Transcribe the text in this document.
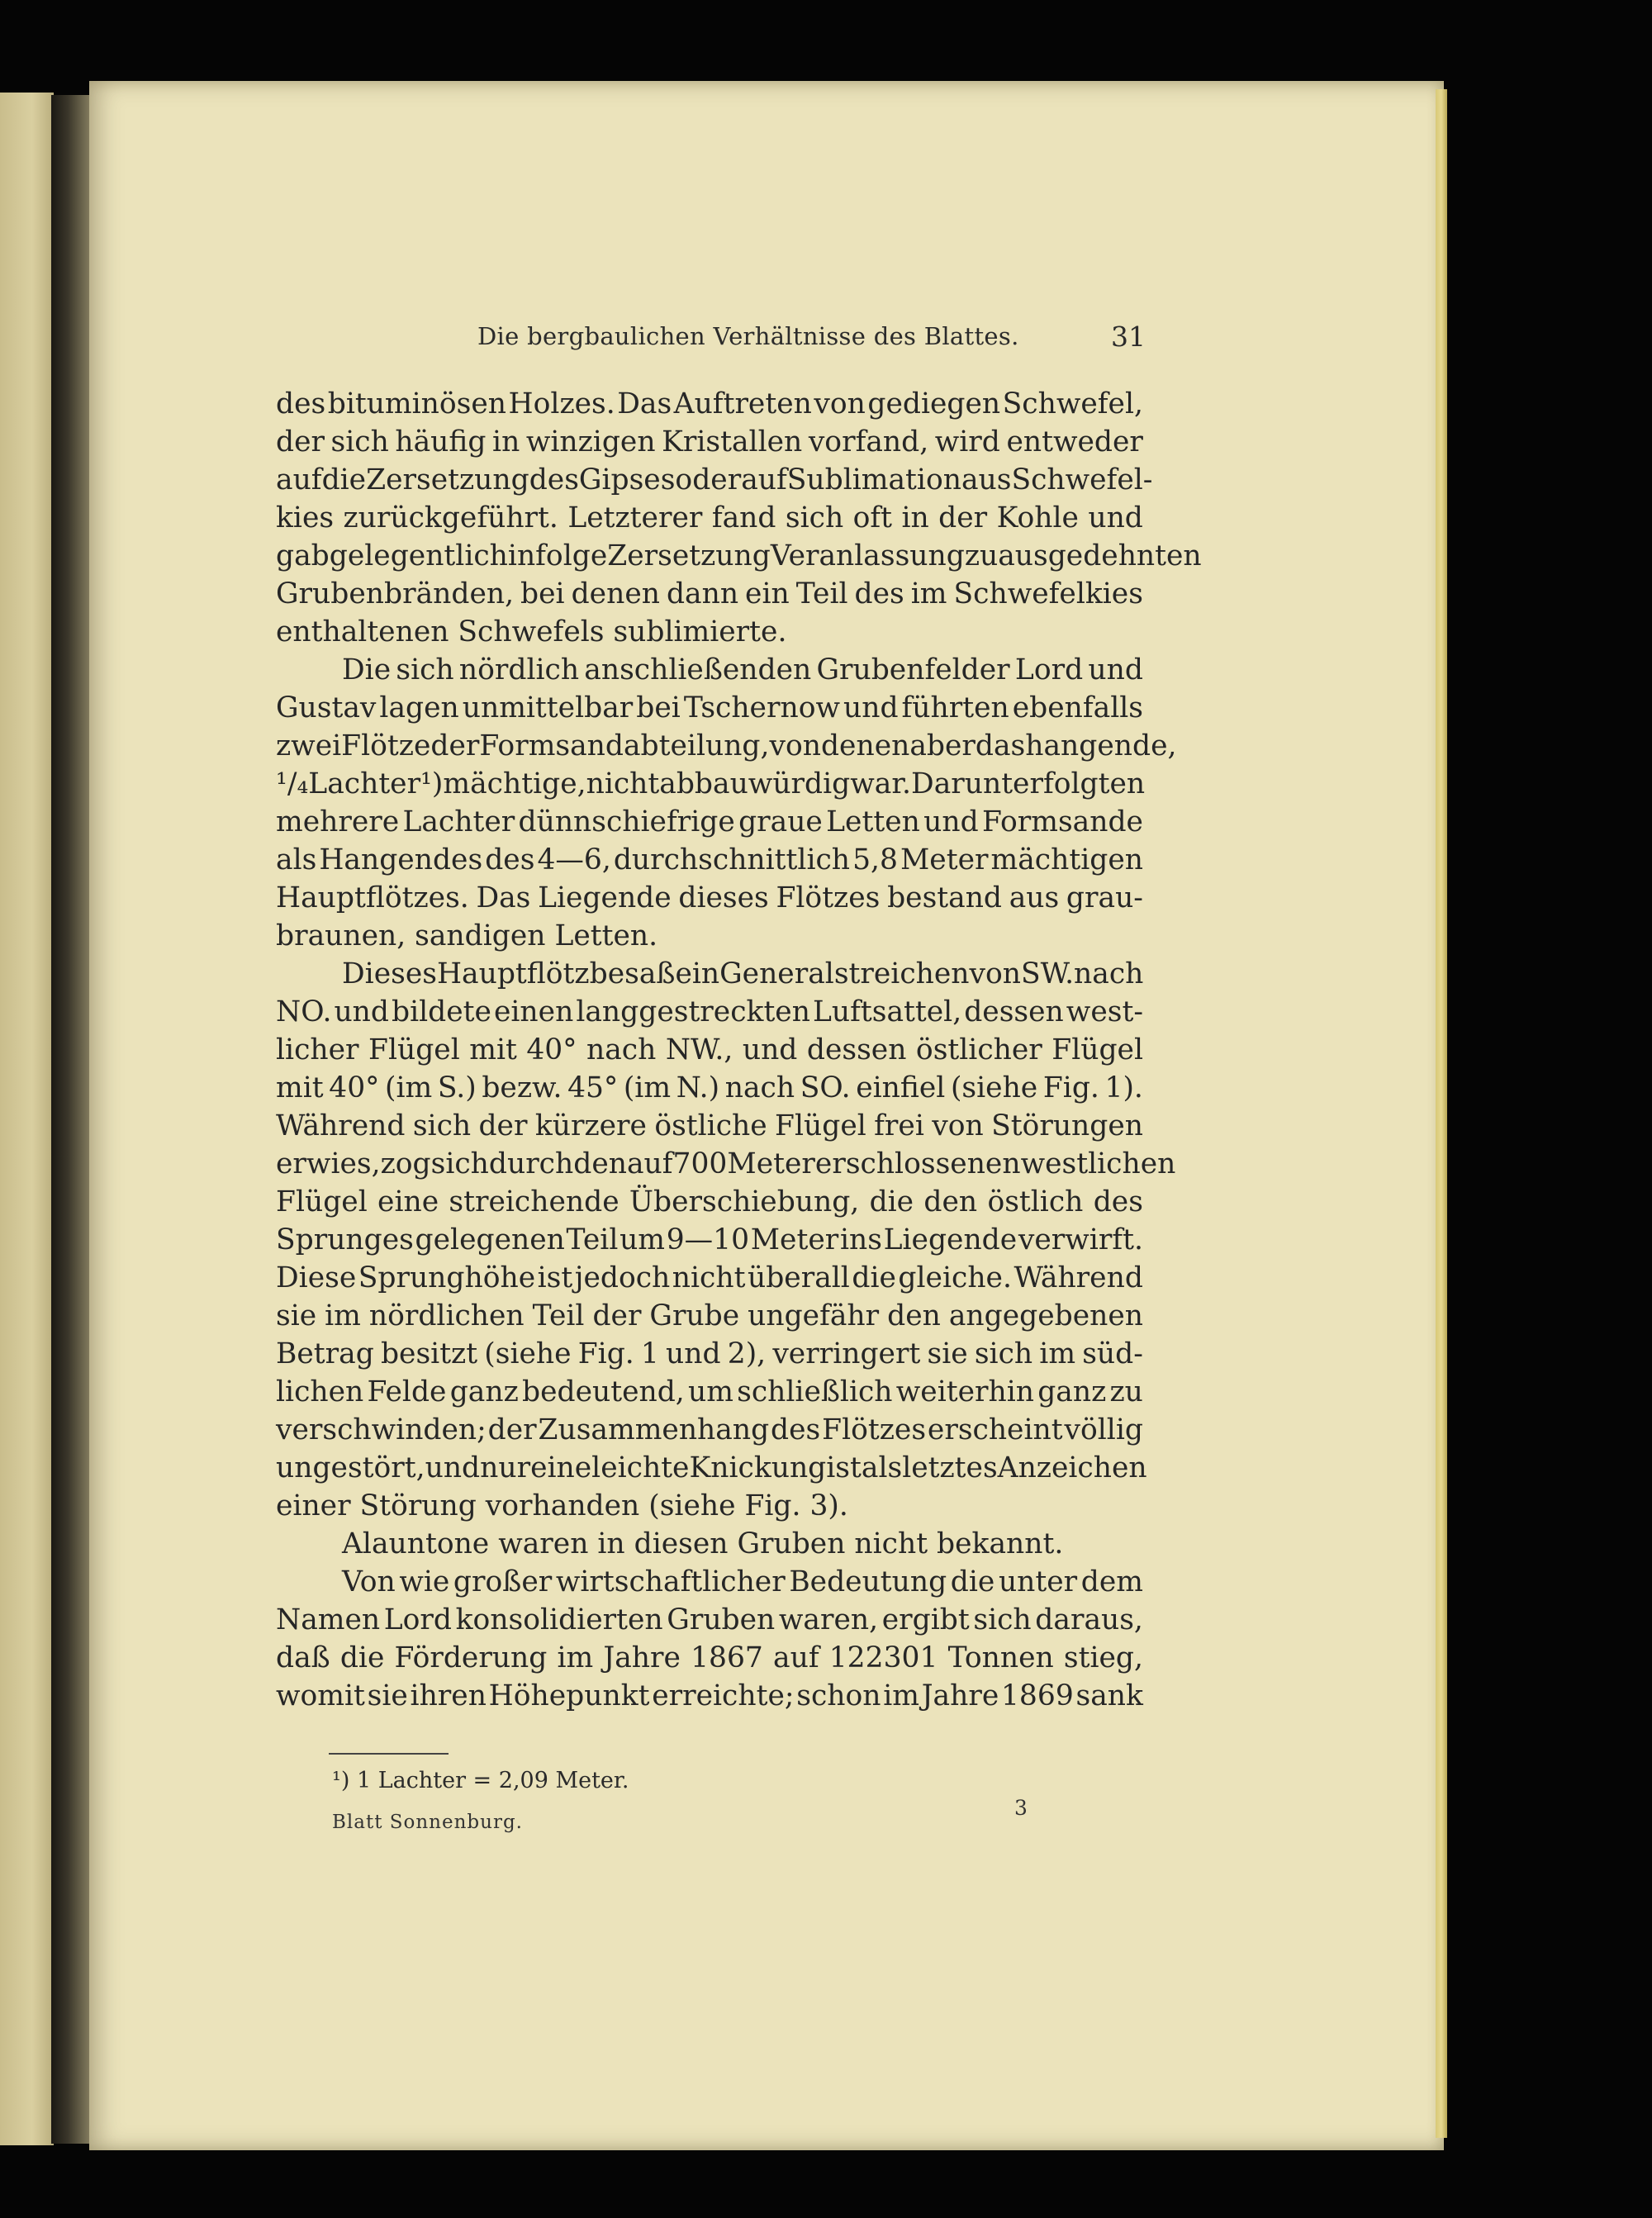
Die bergbaulichen Verhältnisse des Blattes.	31
des bituminösen Holzes. Das Auftreten von gediegen Schwefel,
der sich häufig in winzigen Kristallen vorfand, wird entweder
auf die Zersetzung des Gipses oder auf Sublimation aus Schwefel-
kies zurückgeführt. Letzterer fand sich oft in der Kohle und
gab gelegentlich infolge Zersetzung Veranlassung zu ausgedehnten
Grubenbränden, bei denen dann ein Teil des im Schwefelkies
enthaltenen Schwefels sublimierte.
Die sich nördlich anschließenden Grubenfelder Lord und
Gustav lagen unmittelbar bei Tschernow und führten ebenfalls
zwei Flötze der Formsandabteilung, von denen aber das hangende,
¹/₄ Lachter¹) mächtige, nicht abbauwürdig war. Darunter folgten
mehrere Lachter dünnschiefrige graue Letten und Formsande
als Hangendes des 4—6, durchschnittlich 5,8 Meter mächtigen
Hauptflötzes. Das Liegende dieses Flötzes bestand aus grau-
braunen, sandigen Letten.
Dieses Hauptflötz besaß ein Generalstreichen von SW. nach
NO. und bildete einen langgestreckten Luftsattel, dessen west-
licher Flügel mit 40° nach NW., und dessen östlicher Flügel
mit 40° (im S.) bezw. 45° (im N.) nach SO. einfiel (siehe Fig. 1).
Während sich der kürzere östliche Flügel frei von Störungen
erwies, zog sich durch den auf 700 Meter erschlossenen westlichen
Flügel eine streichende Überschiebung, die den östlich des
Sprunges gelegenen Teil um 9—10 Meter ins Liegende verwirft.
Diese Sprunghöhe ist jedoch nicht überall die gleiche. Während
sie im nördlichen Teil der Grube ungefähr den angegebenen
Betrag besitzt (siehe Fig. 1 und 2), verringert sie sich im süd-
lichen Felde ganz bedeutend, um schließlich weiterhin ganz zu
verschwinden; der Zusammenhang des Flötzes erscheint völlig
ungestört, und nur eine leichte Knickung ist als letztes Anzeichen
einer Störung vorhanden (siehe Fig. 3).
Alauntone waren in diesen Gruben nicht bekannt.
Von wie großer wirtschaftlicher Bedeutung die unter dem
Namen Lord konsolidierten Gruben waren, ergibt sich daraus,
daß die Förderung im Jahre 1867 auf 122301 Tonnen stieg,
womit sie ihren Höhepunkt erreichte; schon im Jahre 1869 sank
¹) 1 Lachter = 2,09 Meter.
Blatt Sonnenburg.
3
